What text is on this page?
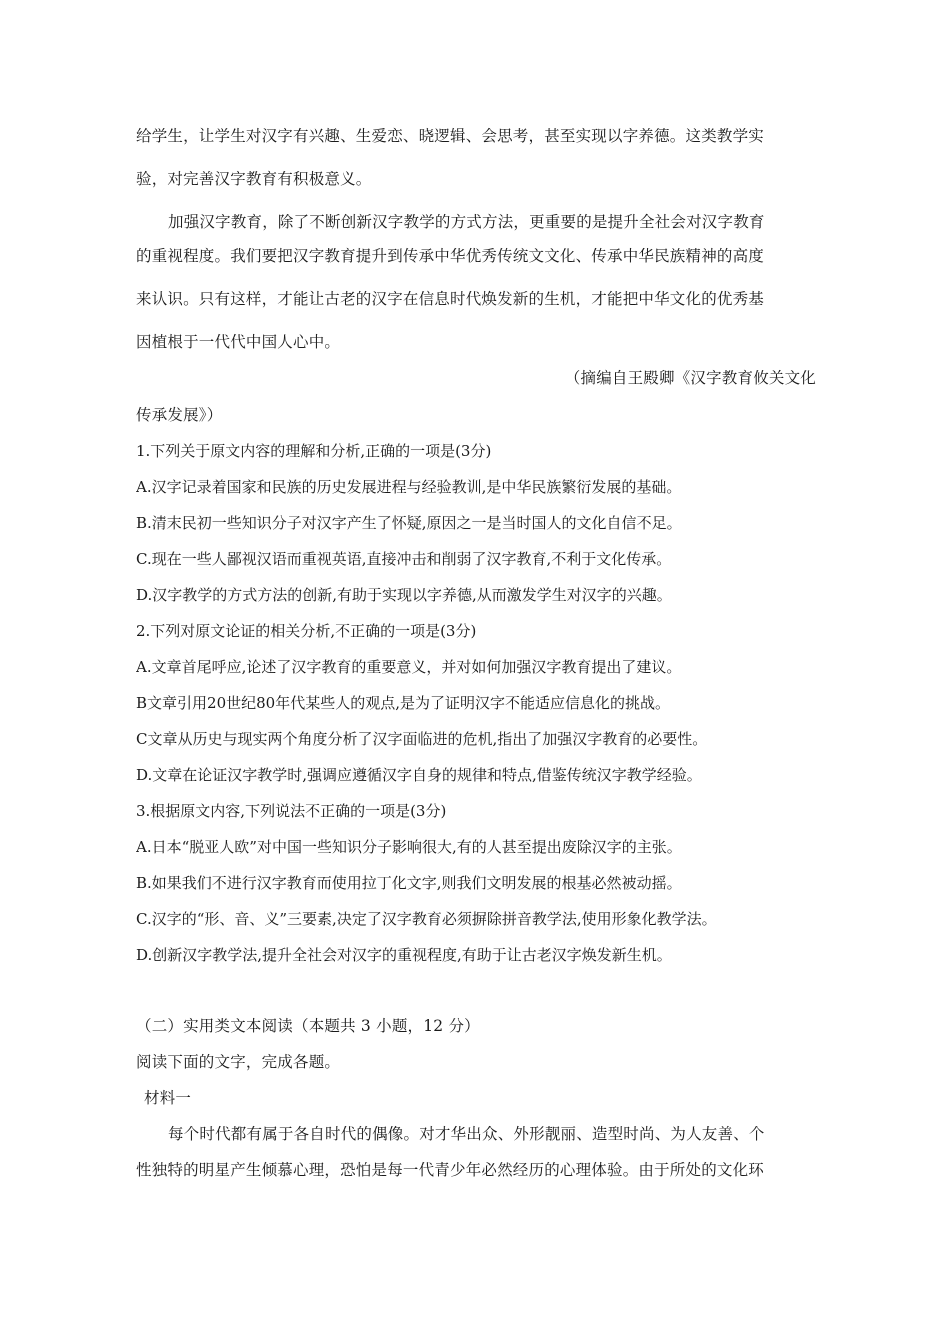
给学生，让学生对汉字有兴趣、生爱恋、晓逻辑、会思考，甚至实现以字养德。这类教学实
验，对完善汉字教育有积极意义。
加强汉字教育，除了不断创新汉字教学的方式方法，更重要的是提升全社会对汉字教育
的重视程度。我们要把汉字教育提升到传承中华优秀传统文文化、传承中华民族精神的高度
来认识。只有这样，才能让古老的汉字在信息时代焕发新的生机，才能把中华文化的优秀基
因植根于一代代中国人心中。
（摘编自王殿卿《汉字教育攸关文化
传承发展》）
1.下列关于原文内容的理解和分析,正确的一项是(3分)
A.汉字记录着国家和民族的历史发展进程与经验教训,是中华民族繁衍发展的基础。
B.清末民初一些知识分子对汉字产生了怀疑,原因之一是当时国人的文化自信不足。
C.现在一些人鄙视汉语而重视英语,直接冲击和削弱了汉字教育,不利于文化传承。
D.汉字教学的方式方法的创新,有助于实现以字养德,从而激发学生对汉字的兴趣。
2.下列对原文论证的相关分析,不正确的一项是(3分)
A.文章首尾呼应,论述了汉字教育的重要意义，并对如何加强汉字教育提出了建议。
B文章引用20世纪80年代某些人的观点,是为了证明汉字不能适应信息化的挑战。
C文章从历史与现实两个角度分析了汉字面临进的危机,指出了加强汉字教育的必要性。
D.文章在论证汉字教学时,强调应遵循汉字自身的规律和特点,借鉴传统汉字教学经验。
3.根据原文内容,下列说法不正确的一项是(3分)
A.日本“脱亚人欧”对中国一些知识分子影响很大,有的人甚至提出废除汉字的主张。
B.如果我们不进行汉字教育而使用拉丁化文字,则我们文明发展的根基必然被动摇。
C.汉字的“形、音、义”三要素,决定了汉字教育必须摒除拼音教学法,使用形象化教学法。
D.创新汉字教学法,提升全社会对汉字的重视程度,有助于让古老汉字焕发新生机。
（二）实用类文本阅读（本题共 3 小题，12 分）
阅读下面的文字，完成各题。
材料一
每个时代都有属于各自时代的偶像。对才华出众、外形靓丽、造型时尚、为人友善、个
性独特的明星产生倾慕心理，恐怕是每一代青少年必然经历的心理体验。由于所处的文化环
